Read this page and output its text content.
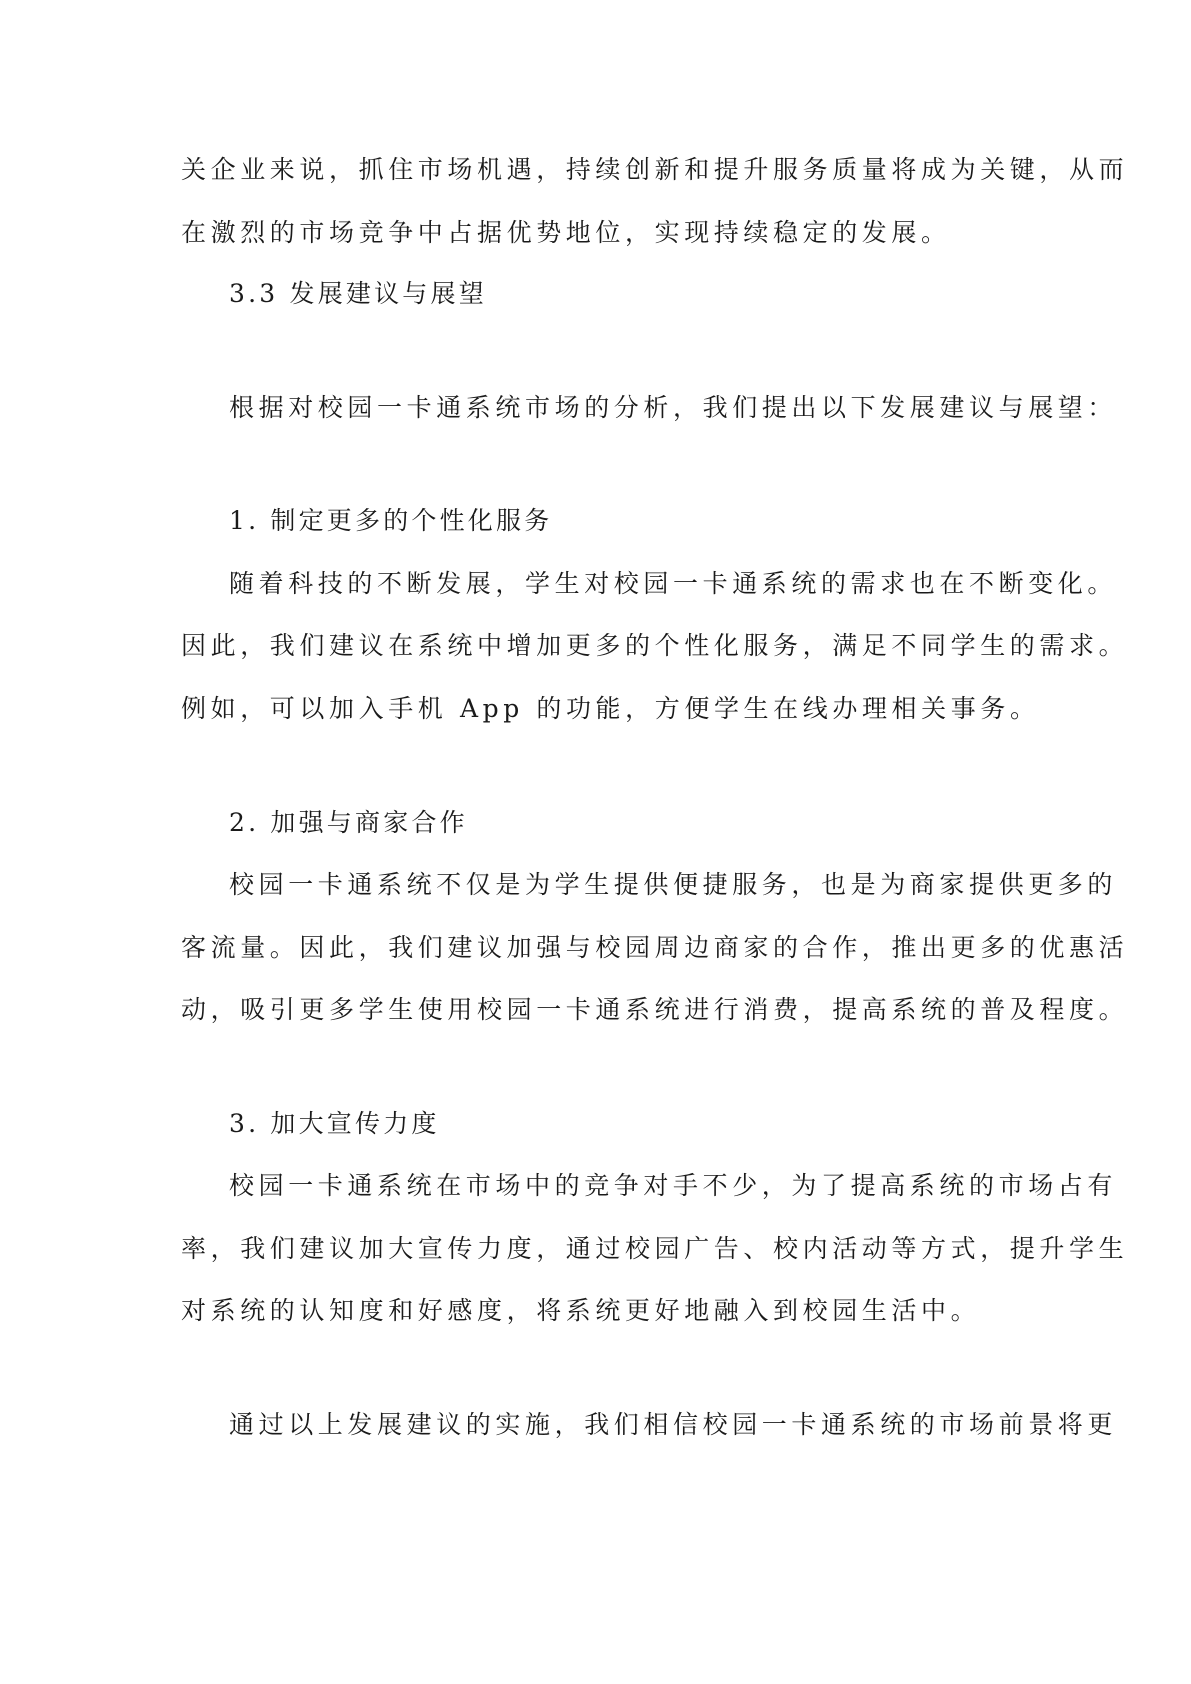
关企业来说，抓住市场机遇，持续创新和提升服务质量将成为关键，从而

在激烈的市场竞争中占据优势地位，实现持续稳定的发展。

3.3 发展建议与展望

根据对校园一卡通系统市场的分析，我们提出以下发展建议与展望：

1. 制定更多的个性化服务

随着科技的不断发展，学生对校园一卡通系统的需求也在不断变化。

因此，我们建议在系统中增加更多的个性化服务，满足不同学生的需求。

例如，可以加入手机 App 的功能，方便学生在线办理相关事务。

2. 加强与商家合作

校园一卡通系统不仅是为学生提供便捷服务，也是为商家提供更多的

客流量。因此，我们建议加强与校园周边商家的合作，推出更多的优惠活

动，吸引更多学生使用校园一卡通系统进行消费，提高系统的普及程度。

3. 加大宣传力度

校园一卡通系统在市场中的竞争对手不少，为了提高系统的市场占有

率，我们建议加大宣传力度，通过校园广告、校内活动等方式，提升学生

对系统的认知度和好感度，将系统更好地融入到校园生活中。

通过以上发展建议的实施，我们相信校园一卡通系统的市场前景将更
